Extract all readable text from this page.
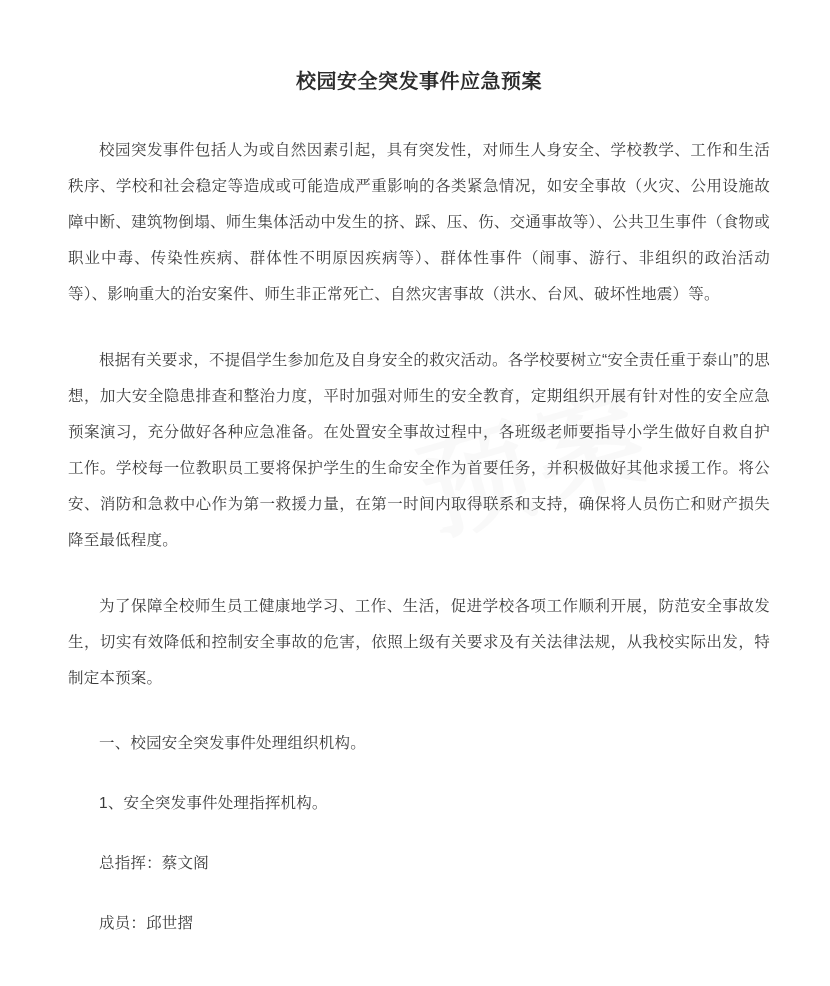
校园安全突发事件应急预案

校园突发事件包括人为或自然因素引起，具有突发性，对师生人身安全、学校教学、工作和生活秩序、学校和社会稳定等造成或可能造成严重影响的各类紧急情况，如安全事故（火灾、公用设施故障中断、建筑物倒塌、师生集体活动中发生的挤、踩、压、伤、交通事故等）、公共卫生事件（食物或职业中毒、传染性疾病、群体性不明原因疾病等）、群体性事件（闹事、游行、非组织的政治活动等）、影响重大的治安案件、师生非正常死亡、自然灾害事故（洪水、台风、破坏性地震）等。

根据有关要求，不提倡学生参加危及自身安全的救灾活动。各学校要树立“安全责任重于泰山”的思想，加大安全隐患排查和整治力度，平时加强对师生的安全教育，定期组织开展有针对性的安全应急预案演习，充分做好各种应急准备。在处置安全事故过程中，各班级老师要指导小学生做好自救自护工作。学校每一位教职员工要将保护学生的生命安全作为首要任务，并积极做好其他求援工作。将公安、消防和急救中心作为第一救援力量，在第一时间内取得联系和支持，确保将人员伤亡和财产损失降至最低程度。

为了保障全校师生员工健康地学习、工作、生活，促进学校各项工作顺利开展，防范安全事故发生，切实有效降低和控制安全事故的危害，依照上级有关要求及有关法律法规，从我校实际出发，特制定本预案。

一、校园安全突发事件处理组织机构。

1、安全突发事件处理指挥机构。

总指挥：蔡文阁

成员：邱世摺
